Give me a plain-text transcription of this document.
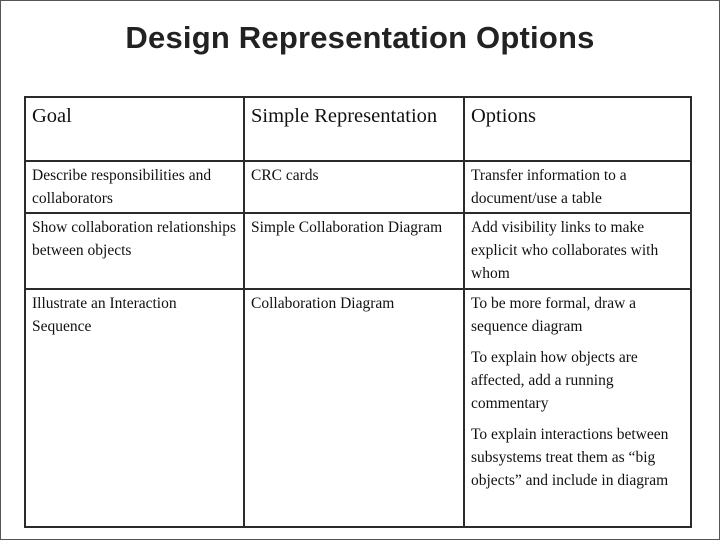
Design Representation Options
Goal	Simple Representation	Options
Describe responsibilities and collaborators	CRC cards	Transfer information to a document/use a table

Show collaboration relationships between objects	Simple Collaboration Diagram	Add visibility links to make explicit who collaborates with whom

Illustrate an Interaction Sequence	Collaboration Diagram	To be more formal, draw a sequence diagram

To explain how objects are affected, add a running commentary

To explain interactions between subsystems treat them as “big objects” and include in diagram
